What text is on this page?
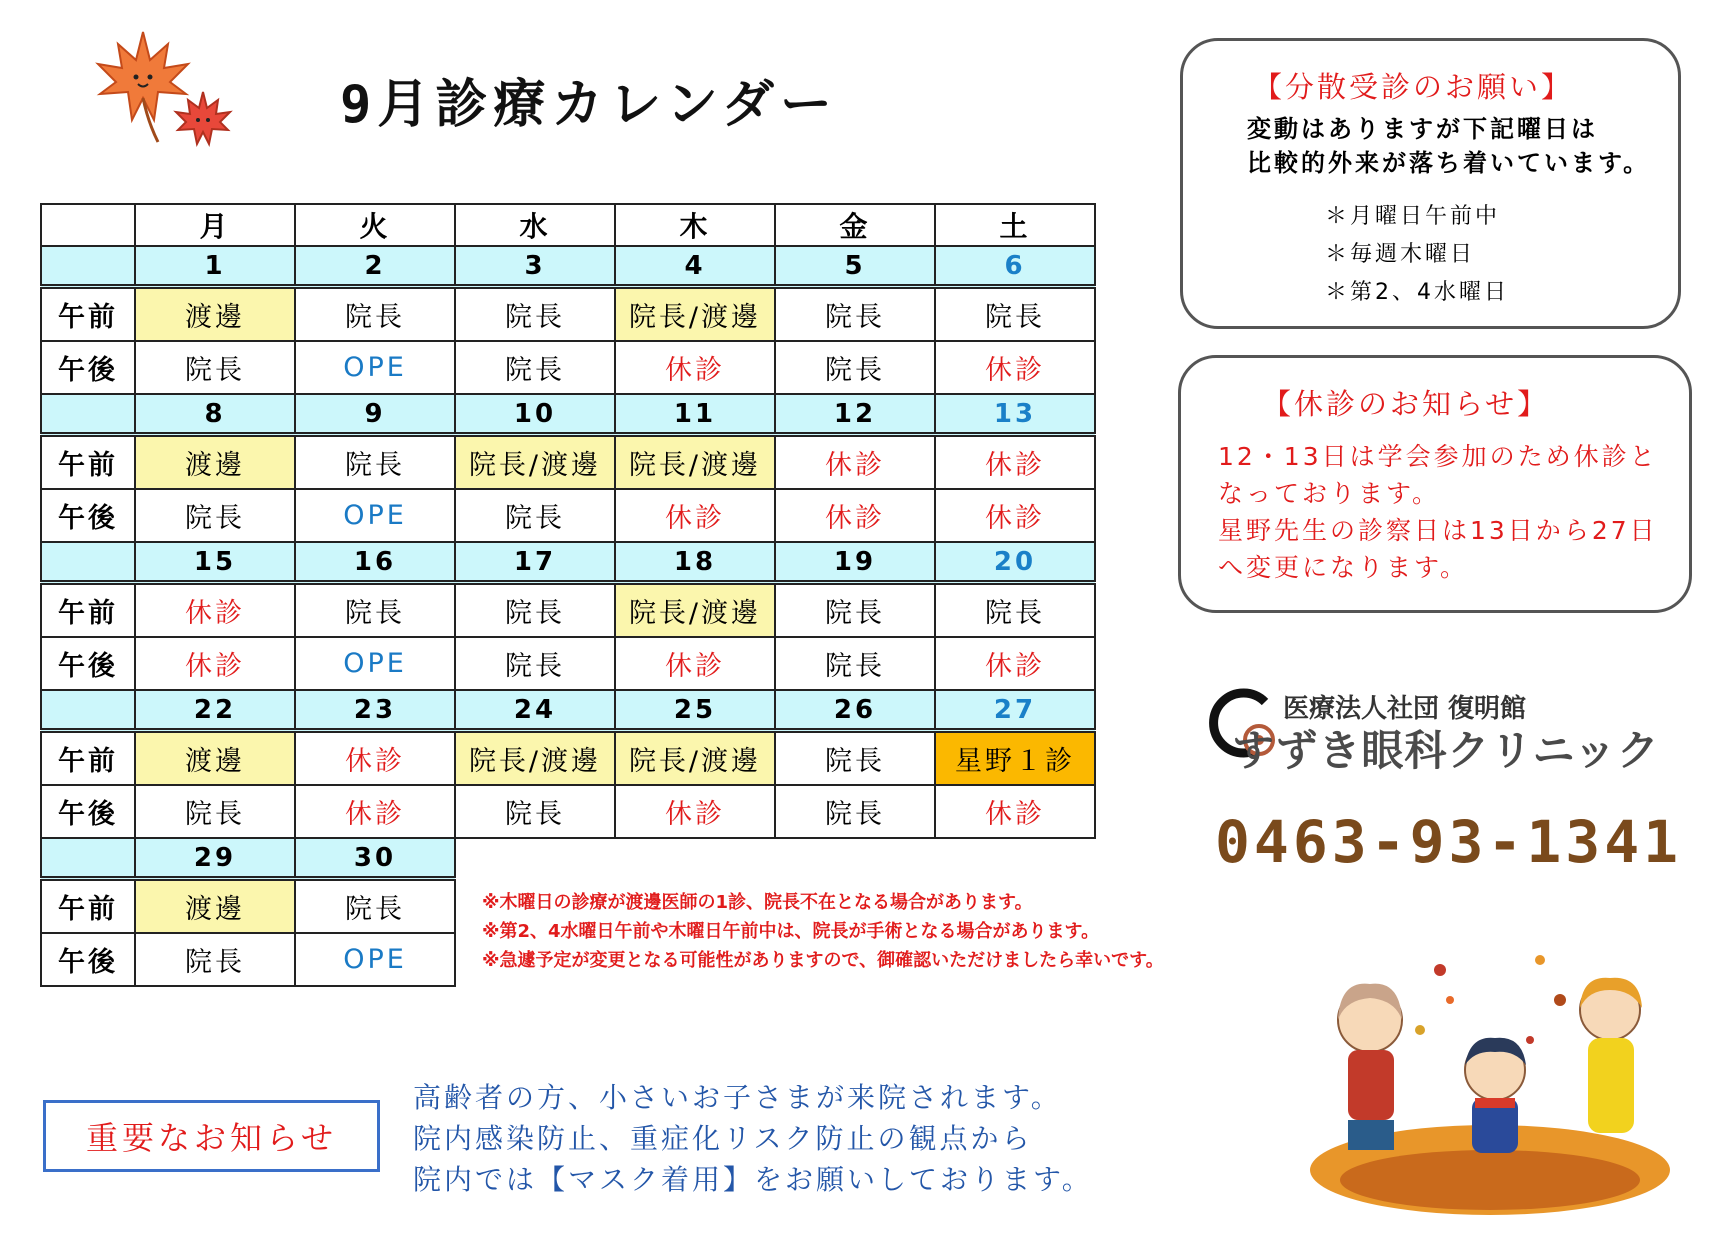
9月診療カレンダー
	月	火	水	木	金	土
	1	2	3	4	5	6
午前	渡邊	院長	院長	院長/渡邊	院長	院長
午後	院長	OPE	院長	休診	院長	休診
	8	9	10	11	12	13
午前	渡邊	院長	院長/渡邊	院長/渡邊	休診	休診
午後	院長	OPE	院長	休診	休診	休診
	15	16	17	18	19	20
午前	休診	院長	院長	院長/渡邊	院長	院長
午後	休診	OPE	院長	休診	院長	休診
	22	23	24	25	26	27
午前	渡邊	休診	院長/渡邊	院長/渡邊	院長	星野１診
午後	院長	休診	院長	休診	院長	休診
	29	30				
午前	渡邊	院長				
午後	院長	OPE				
※木曜日の診療が渡邊医師の1診、院長不在となる場合があります。
※第2、4水曜日午前や木曜日午前中は、院長が手術となる場合があります。
※急遽予定が変更となる可能性がありますので、御確認いただけましたら幸いです。
【分散受診のお願い】
変動はありますが下記曜日は
比較的外来が落ち着いています。
＊月曜日午前中
＊毎週木曜日
＊第2、4水曜日
【休診のお知らせ】
12・13日は学会参加のため休診と
なっております。
星野先生の診察日は13日から27日
へ変更になります。
医療法人社団 復明館
すずき眼科クリニック
0463-93-1341
重要なお知らせ
高齢者の方、小さいお子さまが来院されます。
院内感染防止、重症化リスク防止の観点から
院内では【マスク着用】をお願いしております。
